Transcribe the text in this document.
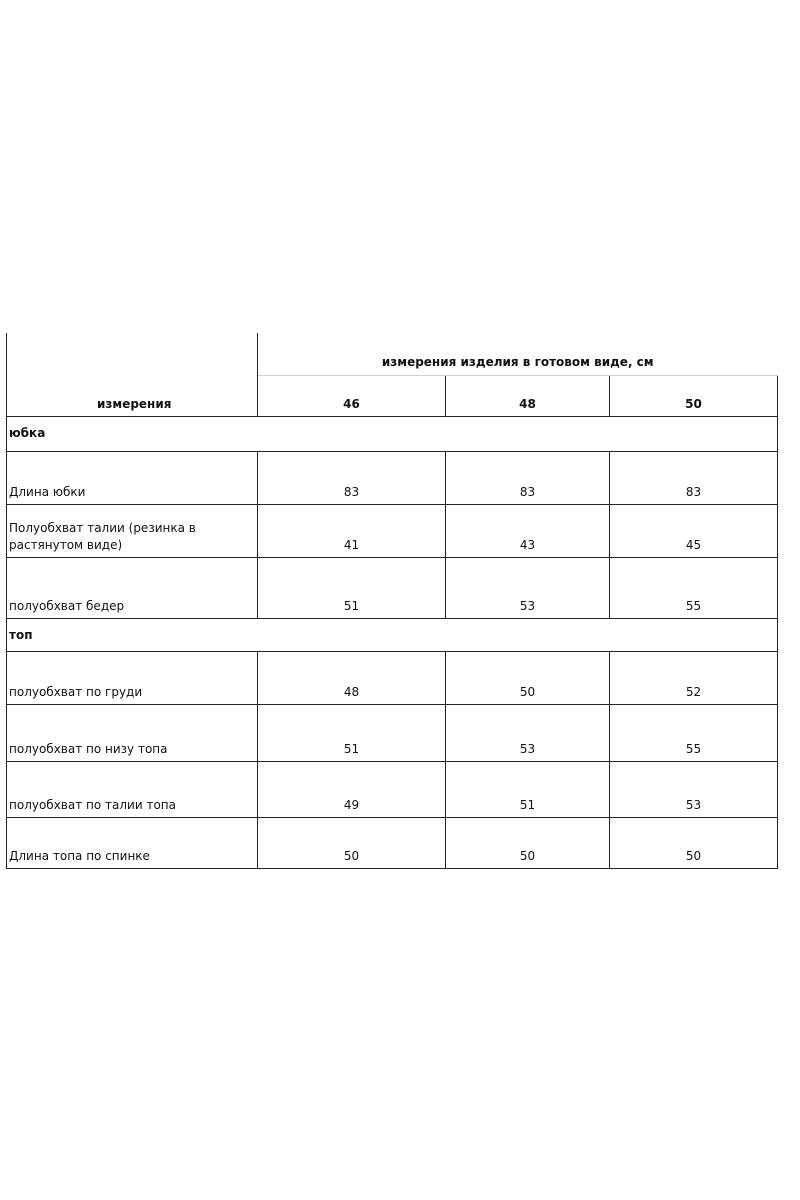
измерения	измерения изделия в готовом виде, см		
	46	48	50
юбка			
Длина юбки	83	83	83
Полуобхват талии (резинка в растянутом виде)	41	43	45
полуобхват бедер	51	53	55
топ			
полуобхват по груди	48	50	52
полуобхват по низу топа	51	53	55
полуобхват по талии топа	49	51	53
Длина топа по спинке	50	50	50
